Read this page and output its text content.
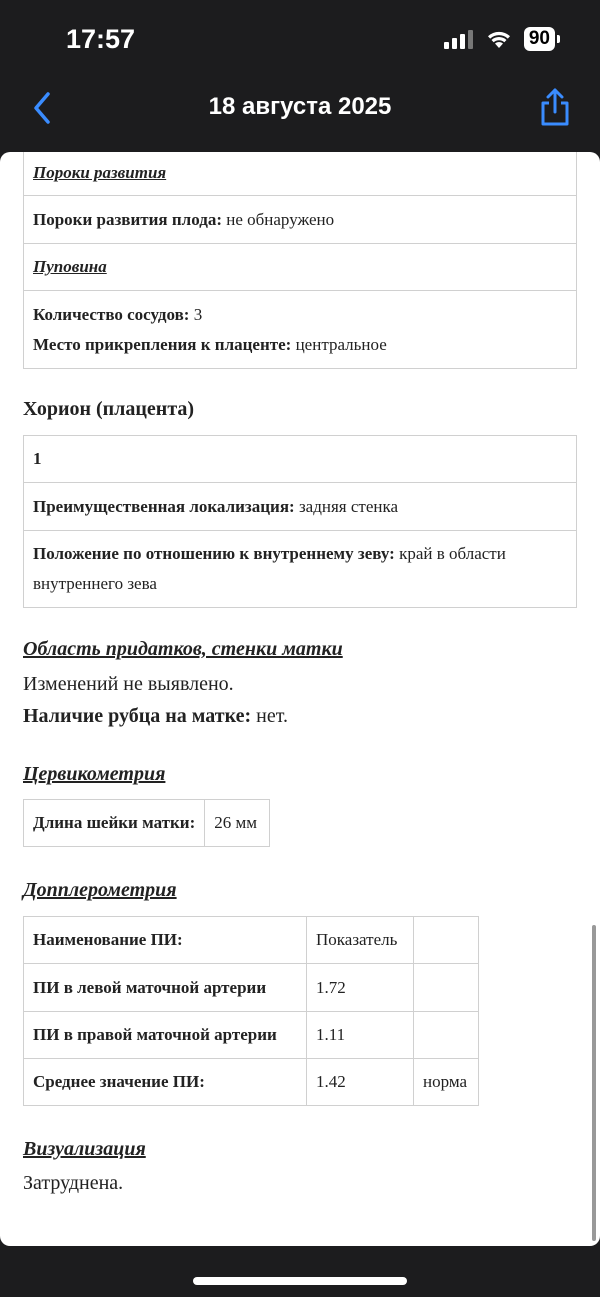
17:57	90
18 августа 2025
Пороки развития
Пороки развития плода: не обнаружено
Пуповина

Количество сосудов: 3
Место прикрепления к плаценте: центральное
Хорион (плацента)
1
Преимущественная локализация: задняя стенка

Положение по отношению к внутреннему зеву: край в области
внутреннего зева
Область придатков, стенки матки
Изменений не выявлено.
Наличие рубца на матке: нет.
Цервикометрия
Длина шейки матки:	26 мм
Допплерометрия
Наименование ПИ:	Показатель	
ПИ в левой маточной артерии	1.72	
ПИ в правой маточной артерии	1.11	
Среднее значение ПИ:	1.42	норма
Визуализация
Затруднена.
